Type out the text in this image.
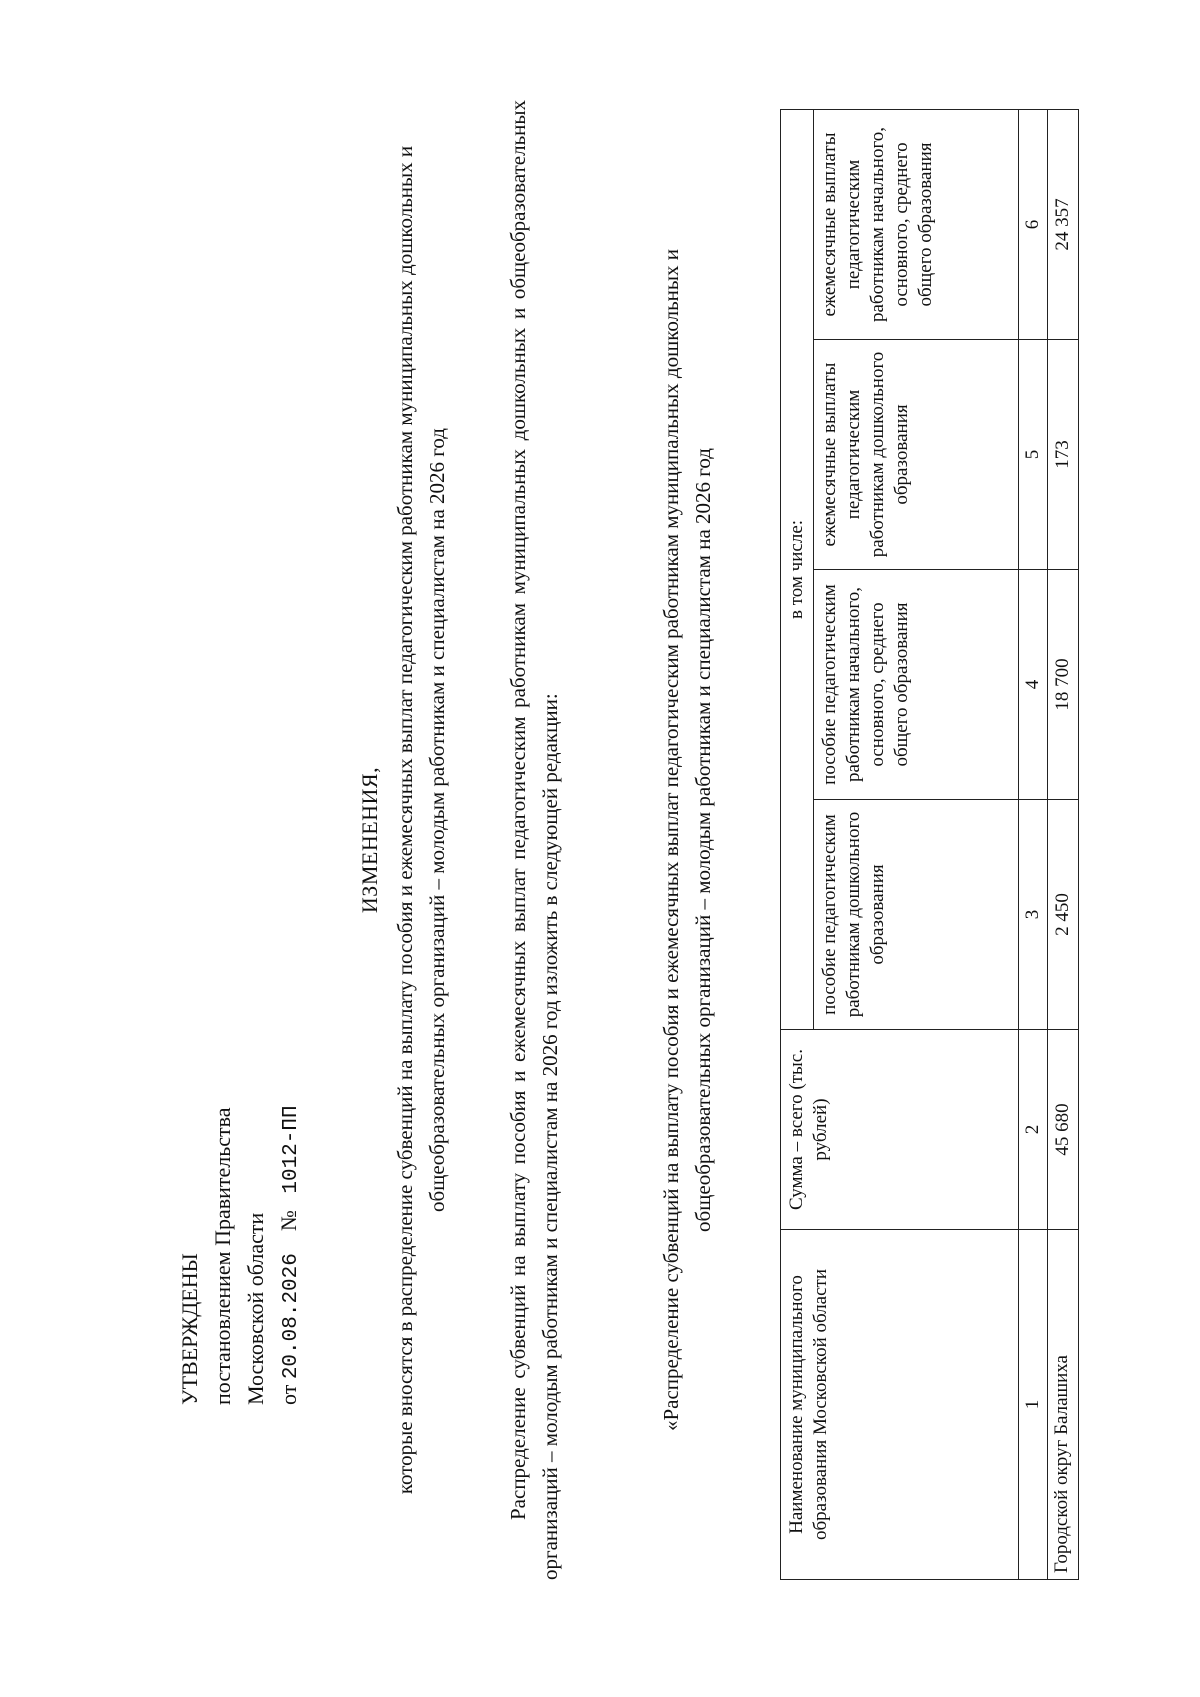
УТВЕРЖДЕНЫ постановлением Правительства Московской области от 20.08.2026    №   1012-ПП
ИЗМЕНЕНИЯ, которые вносятся в распределение субвенций на выплату пособия и ежемесячных выплат педагогическим работникам муниципальных дошкольных и общеобразовательных организаций – молодым работникам и специалистам на 2026 год	Распределение субвенций на выплату пособия и ежемесячных выплат педагогическим работникам муниципальных дошкольных и общеобразовательных организаций – молодым работникам и специалистам на 2026 год изложить в следующей редакции:	«Распределение субвенций на выплату пособия и ежемесячных выплат педагогическим работникам муниципальных дошкольных и общеобразовательных организаций – молодым работникам и специалистам на 2026 год
Наименование муниципального образования Московской области	Сумма – всего (тыс. рублей)	в том числе:			
		пособие педагогическим работникам дошкольного образования	пособие педагогическим работникам начального, основного, среднего общего образования	ежемесячные выплаты педагогическим работникам дошкольного образования	ежемесячные выплаты педагогическим работникам начального, основного, среднего общего образования
1	2	3	4	5	6
Городской округ Балашиха	45 680	2 450	18 700	173	24 357
